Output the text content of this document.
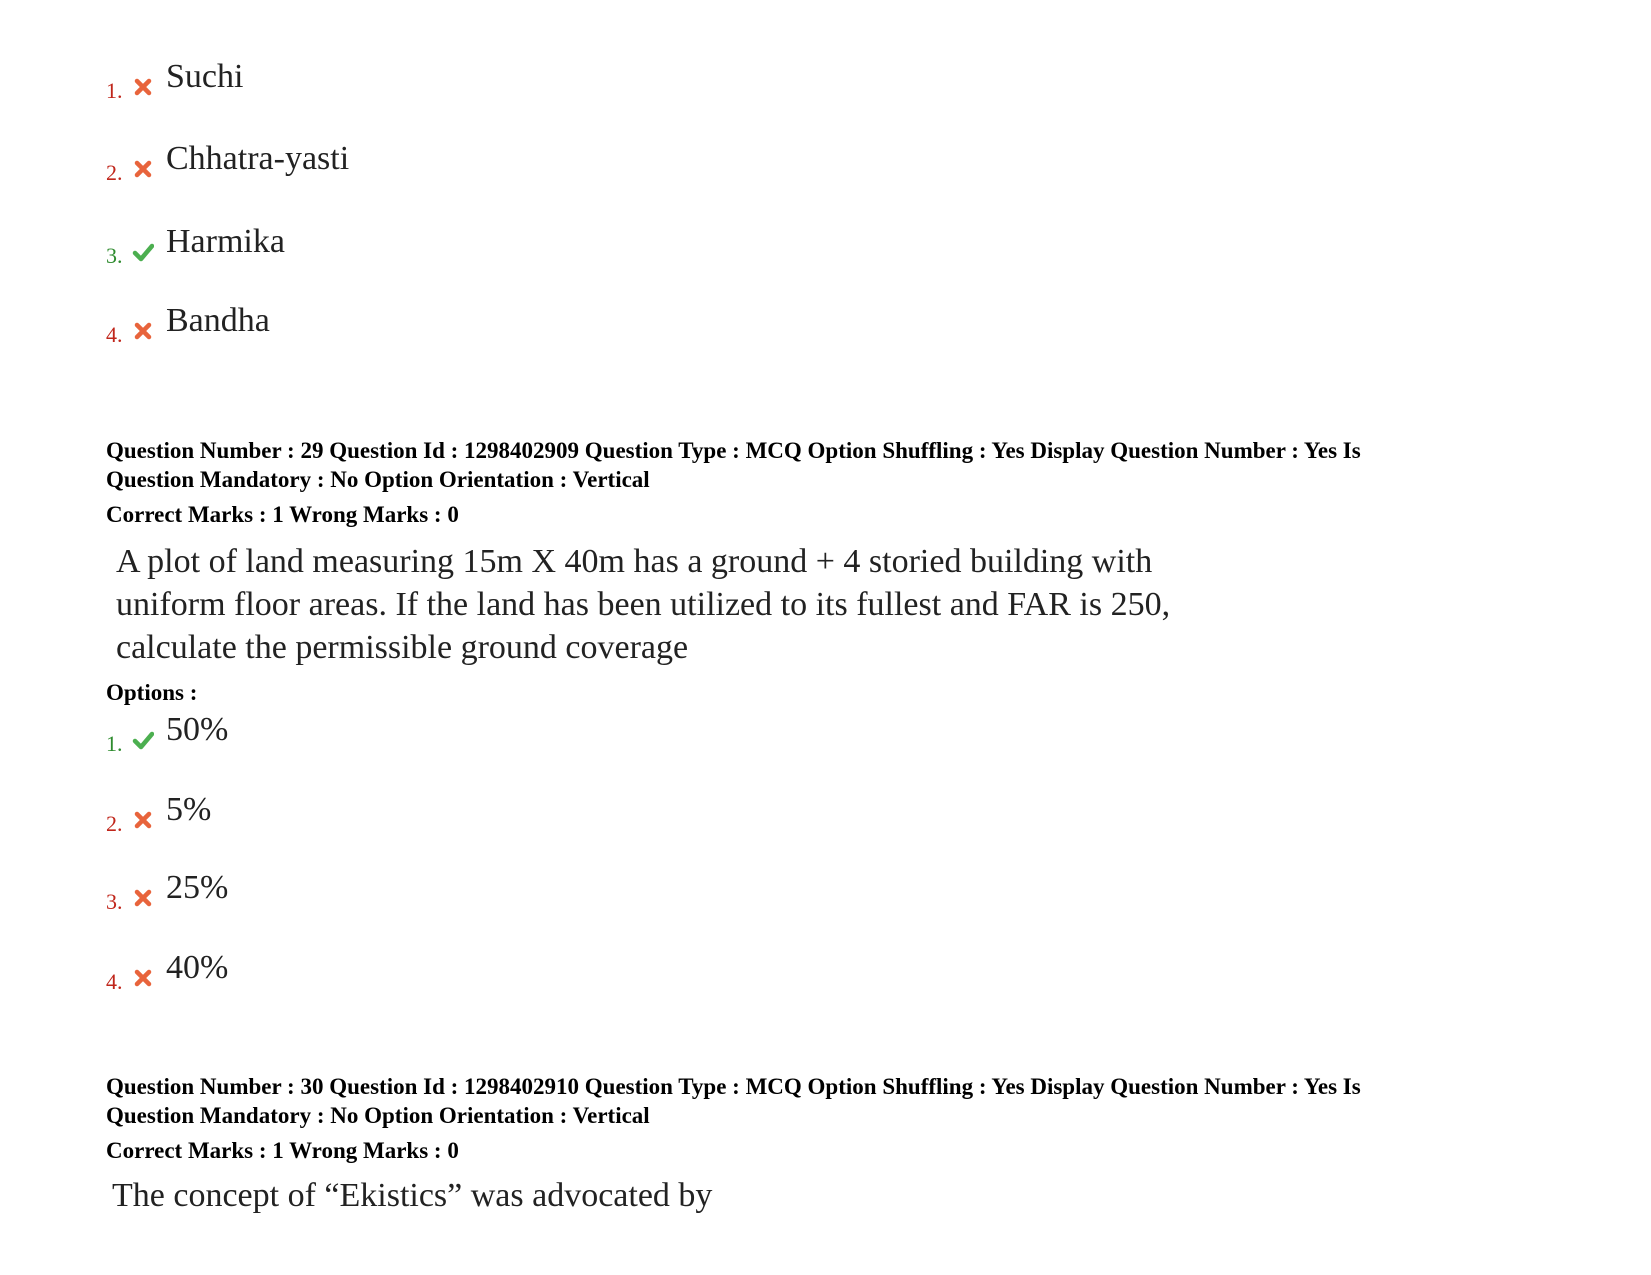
1. Suchi
2. Chhatra-yasti
3. Harmika
4. Bandha
Question Number : 29 Question Id : 1298402909 Question Type : MCQ Option Shuffling : Yes Display Question Number : Yes Is
Question Mandatory : No Option Orientation : Vertical
Correct Marks : 1 Wrong Marks : 0
A plot of land measuring 15m X 40m has a ground + 4 storied building with
uniform floor areas. If the land has been utilized to its fullest and FAR is 250,
calculate the permissible ground coverage
Options :
1. 50%
2. 5%
3. 25%
4. 40%
Question Number : 30 Question Id : 1298402910 Question Type : MCQ Option Shuffling : Yes Display Question Number : Yes Is
Question Mandatory : No Option Orientation : Vertical
Correct Marks : 1 Wrong Marks : 0
The concept of “Ekistics” was advocated by
